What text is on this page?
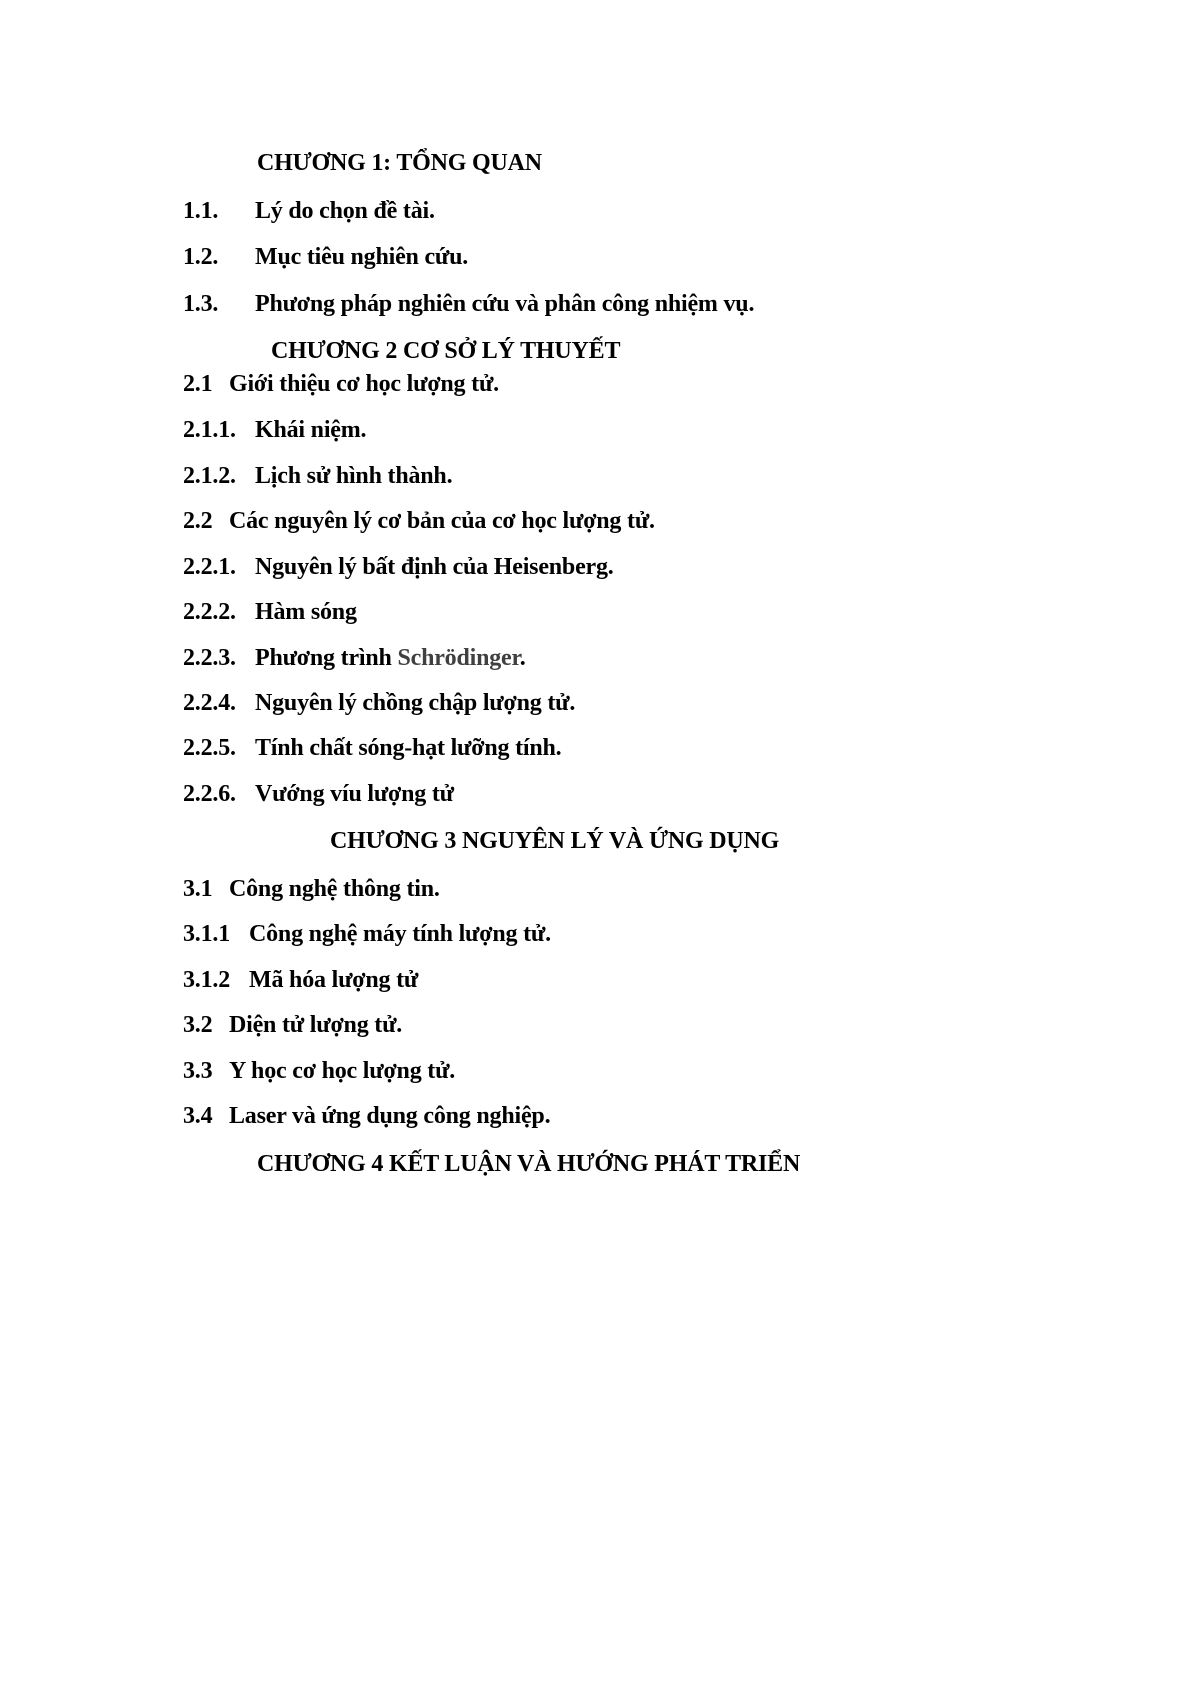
CHƯƠNG 1: TỔNG QUAN
1.1. Lý do chọn đề tài.
1.2. Mục tiêu nghiên cứu.
1.3. Phương pháp nghiên cứu và phân công nhiệm vụ.
CHƯƠNG 2 CƠ SỞ LÝ THUYẾT
2.1 Giới thiệu cơ học lượng tử.
2.1.1. Khái niệm.
2.1.2. Lịch sử hình thành.
2.2 Các nguyên lý cơ bản của cơ học lượng tử.
2.2.1. Nguyên lý bất định của Heisenberg.
2.2.2. Hàm sóng
2.2.3. Phương trình Schrödinger.
2.2.4. Nguyên lý chồng chập lượng tử.
2.2.5. Tính chất sóng-hạt lưỡng tính.
2.2.6. Vướng víu lượng tử
CHƯƠNG 3 NGUYÊN LÝ VÀ ỨNG DỤNG
3.1 Công nghệ thông tin.
3.1.1 Công nghệ máy tính lượng tử.
3.1.2 Mã hóa lượng tử
3.2 Diện tử lượng tử.
3.3 Y học cơ học lượng tử.
3.4 Laser và ứng dụng công nghiệp.
CHƯƠNG 4 KẾT LUẬN VÀ HƯỚNG PHÁT TRIỂN
